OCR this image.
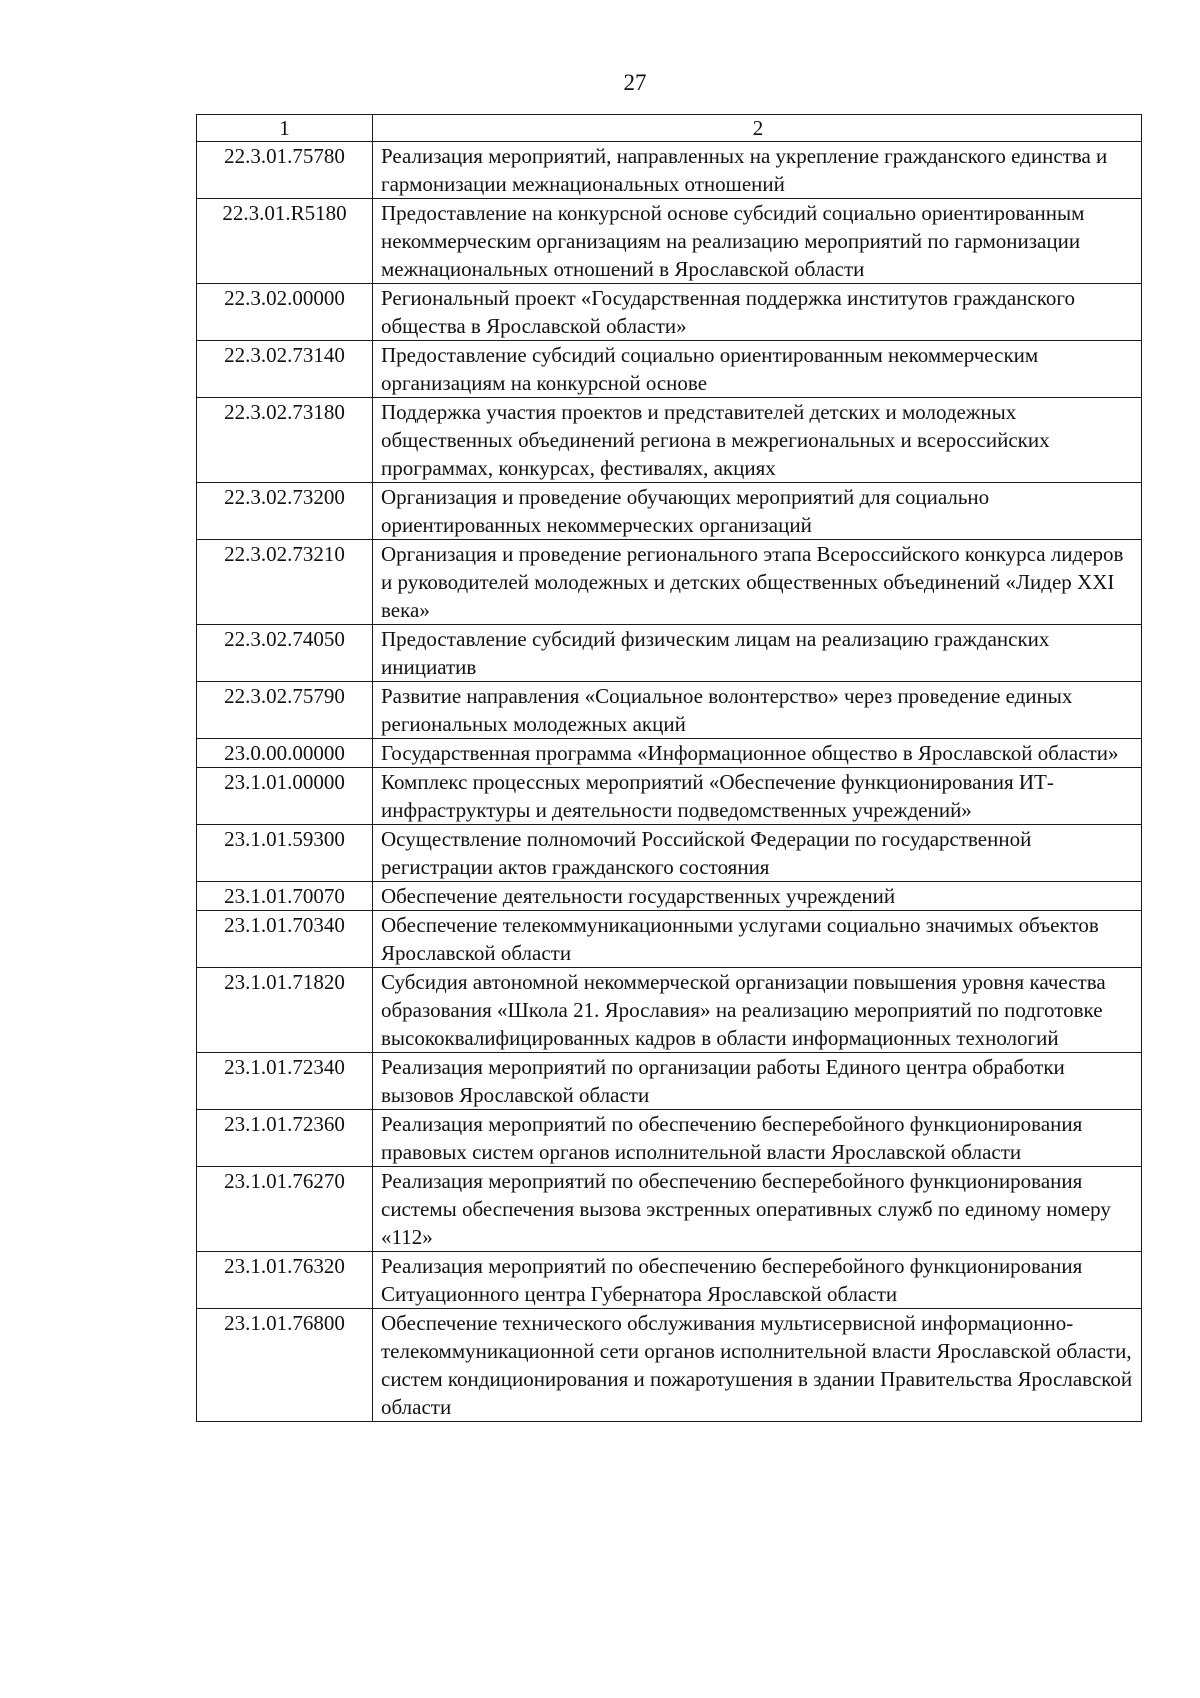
27
1	2
22.3.01.75780	Реализация мероприятий, направленных на укрепление гражданского единства и гармонизации межнациональных отношений
22.3.01.R5180	Предоставление на конкурсной основе субсидий социально ориентированным некоммерческим организациям на реализацию мероприятий по гармонизации межнациональных отношений в Ярославской области
22.3.02.00000	Региональный проект «Государственная поддержка институтов гражданского общества в Ярославской области»
22.3.02.73140	Предоставление субсидий социально ориентированным некоммерческим организациям на конкурсной основе
22.3.02.73180	Поддержка участия проектов и представителей детских и молодежных общественных объединений региона в межрегиональных и всероссийских программах, конкурсах, фестивалях, акциях
22.3.02.73200	Организация и проведение обучающих мероприятий для социально ориентированных некоммерческих организаций
22.3.02.73210	Организация и проведение регионального этапа Всероссийского конкурса лидеров и руководителей молодежных и детских общественных объединений «Лидер XXI века»
22.3.02.74050	Предоставление субсидий физическим лицам на реализацию гражданских инициатив
22.3.02.75790	Развитие направления «Социальное волонтерство» через проведение единых региональных молодежных акций
23.0.00.00000	Государственная программа «Информационное общество в Ярославской области»
23.1.01.00000	Комплекс процессных мероприятий «Обеспечение функционирования ИТ-инфраструктуры и деятельности подведомственных учреждений»
23.1.01.59300	Осуществление полномочий Российской Федерации по государственной регистрации актов гражданского состояния
23.1.01.70070	Обеспечение деятельности государственных учреждений
23.1.01.70340	Обеспечение телекоммуникационными услугами социально значимых объектов Ярославской области
23.1.01.71820	Субсидия автономной некоммерческой организации повышения уровня качества образования «Школа 21. Ярославия» на реализацию мероприятий по подготовке высококвалифицированных кадров в области информационных технологий
23.1.01.72340	Реализация мероприятий по организации работы Единого центра обработки вызовов Ярославской области
23.1.01.72360	Реализация мероприятий по обеспечению бесперебойного функционирования правовых систем органов исполнительной власти Ярославской области
23.1.01.76270	Реализация мероприятий по обеспечению бесперебойного функционирования системы обеспечения вызова экстренных оперативных служб по единому номеру «112»
23.1.01.76320	Реализация мероприятий по обеспечению бесперебойного функционирования Ситуационного центра Губернатора Ярославской области
23.1.01.76800	Обеспечение технического обслуживания мультисервисной информационно-телекоммуникационной сети органов исполнительной власти Ярославской области, систем кондиционирования и пожаротушения в здании Правительства Ярославской области
